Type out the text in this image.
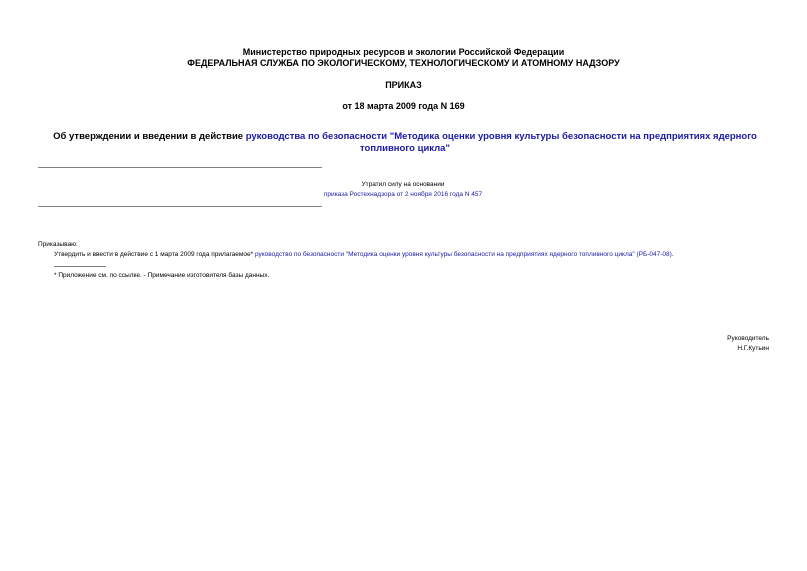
Министерство природных ресурсов и экологии Российской Федерации
ФЕДЕРАЛЬНАЯ СЛУЖБА ПО ЭКОЛОГИЧЕСКОМУ, ТЕХНОЛОГИЧЕСКОМУ И АТОМНОМУ НАДЗОРУ
ПРИКАЗ
от 18 марта 2009 года N 169
Об утверждении и введении в действие руководства по безопасности "Методика оценки уровня культуры безопасности на предприятиях ядерного топливного цикла"
Утратил силу на основании
приказа Ростехнадзора от 2 ноября 2016 года N 457
Приказываю:
Утвердить и ввести в действие с 1 марта 2009 года прилагаемое* руководство по безопасности "Методика оценки уровня культуры безопасности на предприятиях ядерного топливного цикла" (РБ-047-08).
* Приложение см. по ссылке. - Примечание изготовителя базы данных.
Руководитель
Н.Г.Кутьин
